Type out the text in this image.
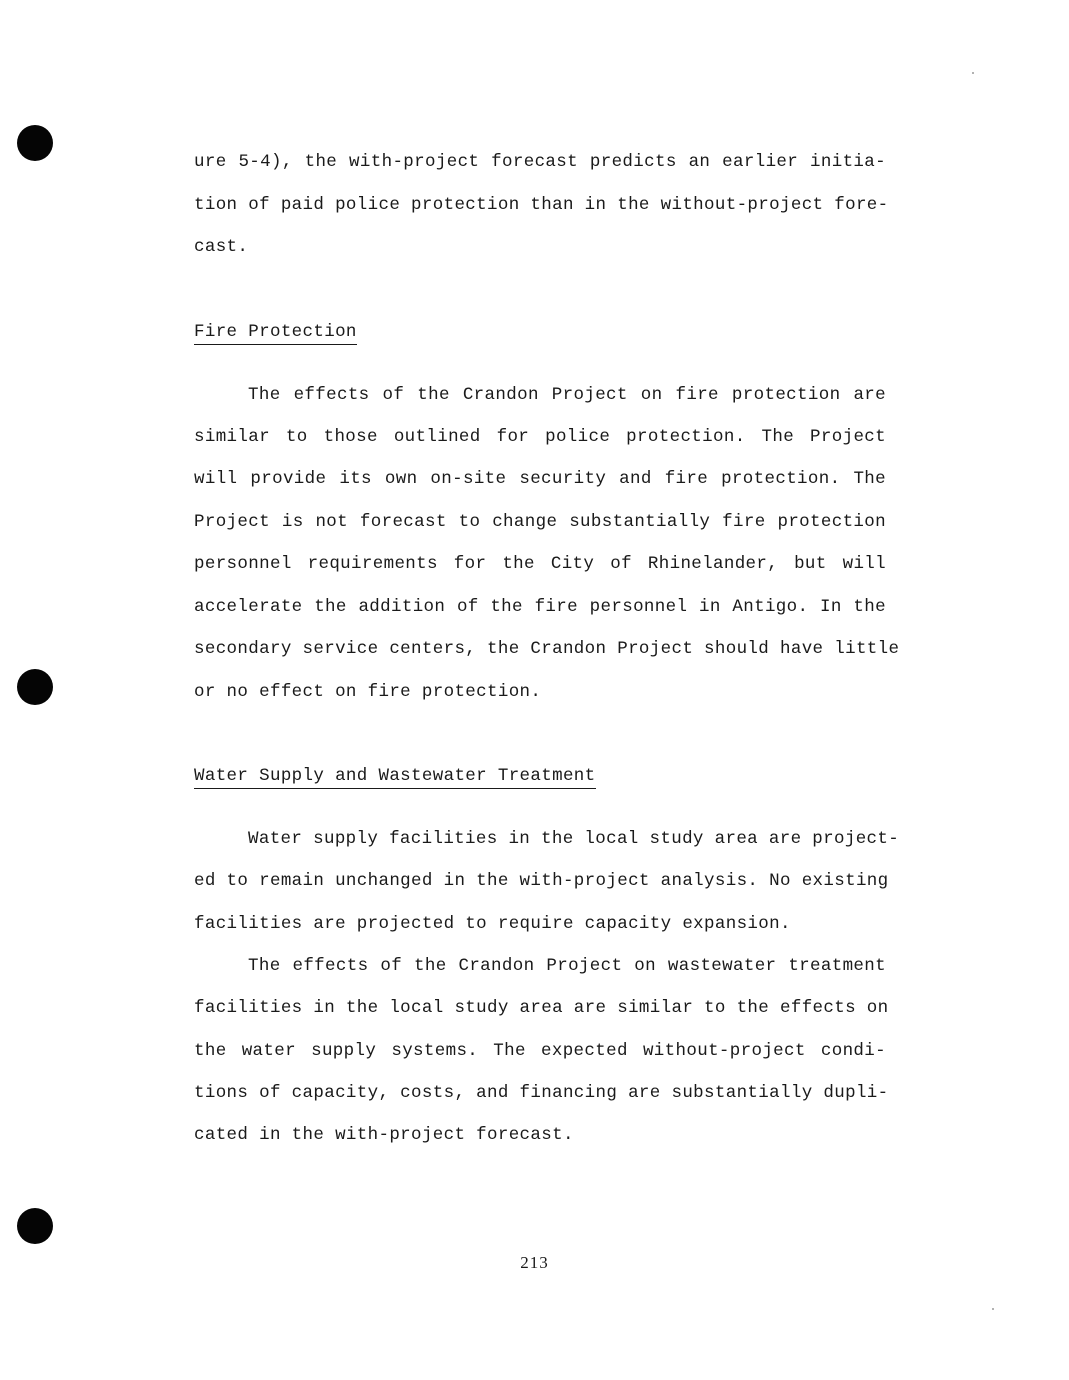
ure 5-4), the with-project forecast predicts an earlier initia-
tion of paid police protection than in the without-project fore-
cast.
Fire Protection
The effects of the Crandon Project on fire protection are
similar to those outlined for police protection. The Project
will provide its own on-site security and fire protection. The
Project is not forecast to change substantially fire protection
personnel requirements for the City of Rhinelander, but will
accelerate the addition of the fire personnel in Antigo. In the
secondary service centers, the Crandon Project should have little
or no effect on fire protection.
Water Supply and Wastewater Treatment
Water supply facilities in the local study area are project-
ed to remain unchanged in the with-project analysis. No existing
facilities are projected to require capacity expansion.
The effects of the Crandon Project on wastewater treatment
facilities in the local study area are similar to the effects on
the water supply systems. The expected without-project condi-
tions of capacity, costs, and financing are substantially dupli-
cated in the with-project forecast.
213
